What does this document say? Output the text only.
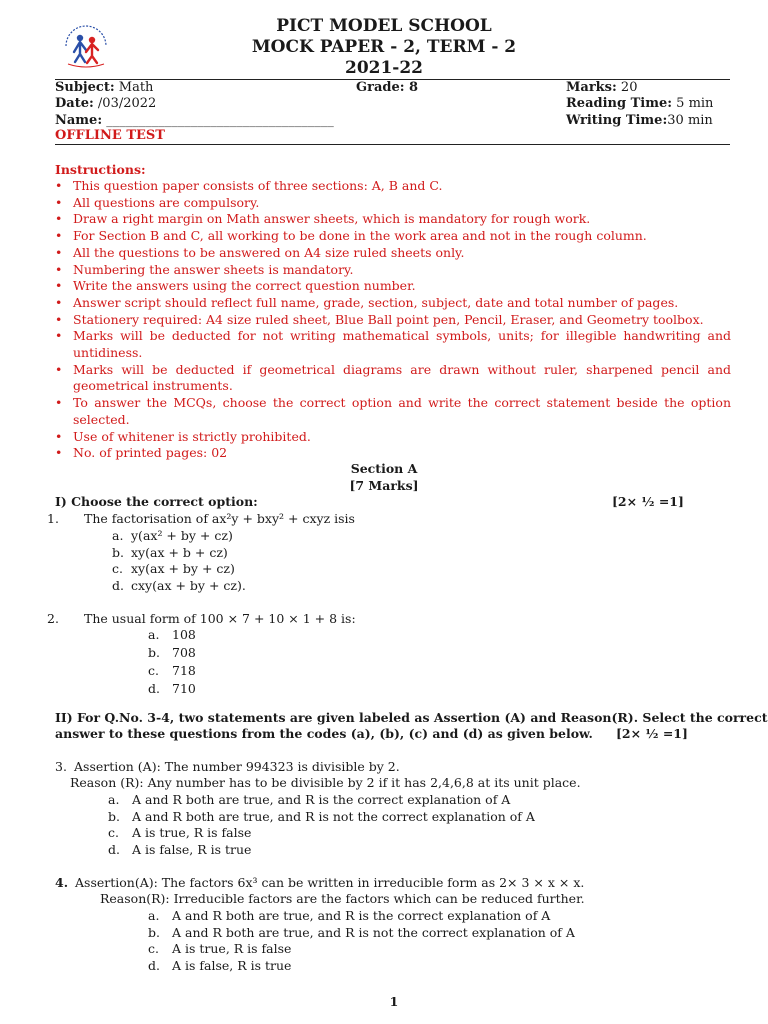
PICT MODEL SCHOOL
MOCK PAPER - 2, TERM - 2
2021-22
Subject: Math	Grade: 8	Marks: 20
Date: /03/2022	Reading Time: 5 min
Name: ___________________________________	Writing Time:30 min
OFFLINE TEST
Instructions:
• This question paper consists of three sections: A, B and C.
• All questions are compulsory.
• Draw a right margin on Math answer sheets, which is mandatory for rough work.
• For Section B and C, all working to be done in the work area and not in the rough column.
• All the questions to be answered on A4 size ruled sheets only.
• Numbering the answer sheets is mandatory.
• Write the answers using the correct question number.
• Answer script should reflect full name, grade, section, subject, date and total number of pages.
• Stationery required: A4 size ruled sheet, Blue Ball point pen, Pencil, Eraser, and Geometry toolbox.
• Marks will be deducted for not writing mathematical symbols, units; for illegible handwriting and untidiness.
• Marks will be deducted if geometrical diagrams are drawn without ruler, sharpened pencil and geometrical instruments.
• To answer the MCQs, choose the correct option and write the correct statement beside the option selected.
• Use of whitener is strictly prohibited.
• No. of printed pages: 02
Section A
[7 Marks]
I) Choose the correct option:	[2× ½ =1]
1. The factorisation of ax²y + bxy² + cxyz isis
a. y(ax² + by + cz)
b. xy(ax + b + cz)
c. xy(ax + by + cz)
d. cxy(ax + by + cz).
2. The usual form of 100 × 7 + 10 × 1 + 8 is:
a. 108
b. 708
c. 718
d. 710
II) For Q.No. 3-4, two statements are given labeled as Assertion (A) and Reason(R). Select the correct
answer to these questions from the codes (a), (b), (c) and (d) as given below. [2× ½ =1]
3. Assertion (A): The number 994323 is divisible by 2.
Reason (R): Any number has to be divisible by 2 if it has 2,4,6,8 at its unit place.
a. A and R both are true, and R is the correct explanation of A
b. A and R both are true, and R is not the correct explanation of A
c. A is true, R is false
d. A is false, R is true
4. Assertion(A): The factors 6x³ can be written in irreducible form as 2× 3 × x × x.
Reason(R): Irreducible factors are the factors which can be reduced further.
a. A and R both are true, and R is the correct explanation of A
b. A and R both are true, and R is not the correct explanation of A
c. A is true, R is false
d. A is false, R is true
1
